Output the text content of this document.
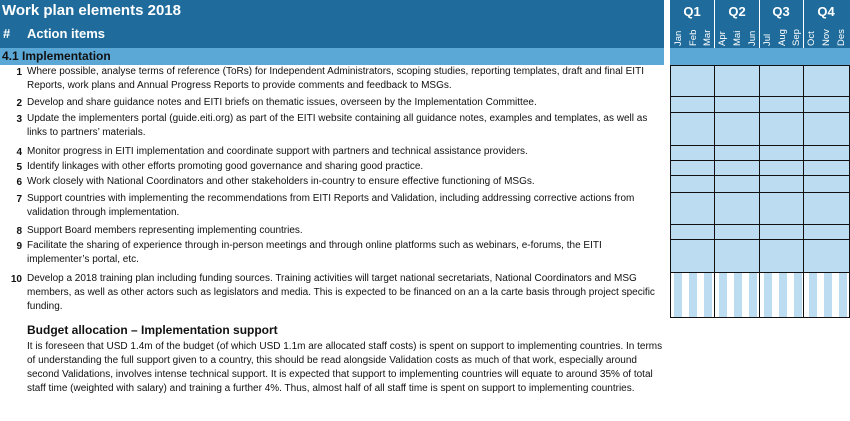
Work plan elements 2018
# Action items
Q1	Q2	Q3	Q4
Jan Feb Mar Apr Mai Jun Jul Aug Sep Oct Nov Des
4.1 Implementation
1 Where possible, analyse terms of reference (ToRs) for Independent Administrators, scoping studies, reporting templates, draft and final EITI Reports, work plans and Annual Progress Reports to provide comments and feedback to MSGs.
2 Develop and share guidance notes and EITI briefs on thematic issues, overseen by the Implementation Committee.
3 Update the implementers portal (guide.eiti.org) as part of the EITI website containing all guidance notes, examples and templates, as well as links to partners’ materials.
4 Monitor progress in EITI implementation and coordinate support with partners and technical assistance providers.
5 Identify linkages with other efforts promoting good governance and sharing good practice.
6 Work closely with National Coordinators and other stakeholders in-country to ensure effective functioning of MSGs.
7 Support countries with implementing the recommendations from EITI Reports and Validation, including addressing corrective actions from validation through implementation.
8 Support Board members representing implementing countries.
9 Facilitate the sharing of experience through in-person meetings and through online platforms such as webinars, e-forums, the EITI implementer’s portal, etc.
10 Develop a 2018 training plan including funding sources. Training activities will target national secretariats, National Coordinators and MSG members, as well as other actors such as legislators and media. This is expected to be financed on an a la carte basis through project specific funding.
Budget allocation – Implementation support
It is foreseen that USD 1.4m of the budget (of which USD 1.1m are allocated staff costs) is spent on support to implementing countries. In terms of understanding the full support given to a country, this should be read alongside Validation costs as much of that work, especially around second Validations, involves intense technical support. It is expected that support to implementing countries will equate to around 35% of total staff time (weighted with salary) and training a further 4%. Thus, almost half of all staff time is spent on support to implementing countries.
